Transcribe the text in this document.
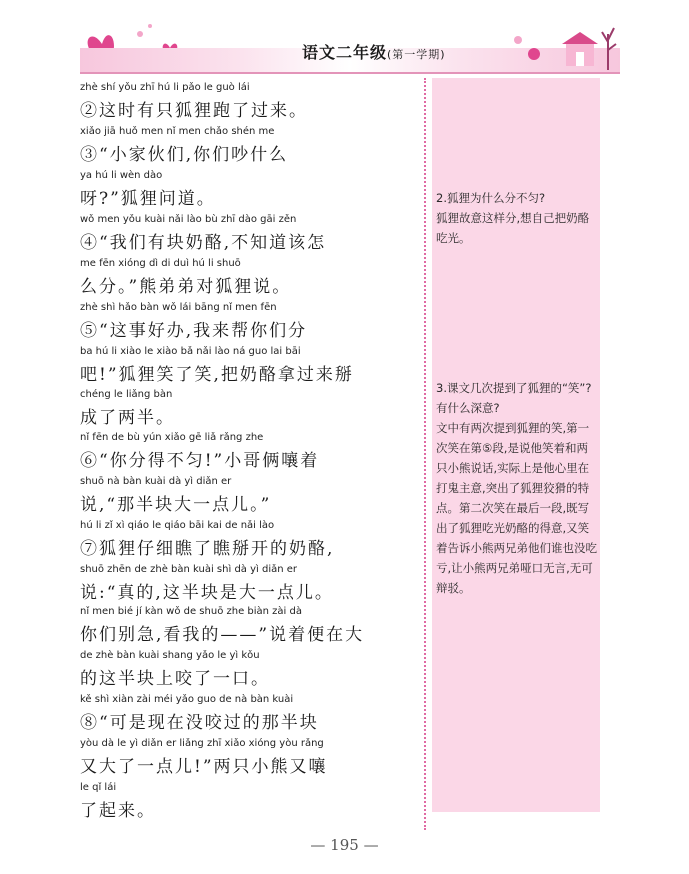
语文二年级(第一学期)
zhè shí yǒu zhī hú li pǎo le guò lái
②这时有只狐狸跑了过来。
xiǎo jiā huǒ men nǐ men chǎo shén me
③“小家伙们,你们吵什么
ya hú li wèn dào
呀?”狐狸问道。
wǒ men yǒu kuài nǎi lào bù zhī dào gāi zěn
④“我们有块奶酪,不知道该怎
me fēn xióng dì di duì hú li shuō
么分。”熊弟弟对狐狸说。
zhè shì hǎo bàn wǒ lái bāng nǐ men fēn
⑤“这事好办,我来帮你们分
ba hú li xiào le xiào bǎ nǎi lào ná guo lai bāi
吧!”狐狸笑了笑,把奶酪拿过来掰
chéng le liǎng bàn
成了两半。
nǐ fēn de bù yún xiǎo gē liǎ rǎng zhe
⑥“你分得不匀!”小哥俩嚷着
shuō nà bàn kuài dà yì diǎn er
说,“那半块大一点儿。”
hú li zǐ xì qiáo le qiáo bāi kai de nǎi lào
⑦狐狸仔细瞧了瞧掰开的奶酪,
shuō zhēn de zhè bàn kuài shì dà yì diǎn er
说:“真的,这半块是大一点儿。
nǐ men bié jí kàn wǒ de shuō zhe biàn zài dà
你们别急,看我的——”说着便在大
de zhè bàn kuài shang yǎo le yì kǒu
的这半块上咬了一口。
kě shì xiàn zài méi yǎo guo de nà bàn kuài
⑧“可是现在没咬过的那半块
yòu dà le yì diǎn er liǎng zhī xiǎo xióng yòu rǎng
又大了一点儿!”两只小熊又嚷
le qǐ lái
了起来。
2.狐狸为什么分不匀?
狐狸故意这样分,想自己把奶酪吃光。
3.课文几次提到了狐狸的“笑”?有什么深意?
文中有两次提到狐狸的笑,第一次笑在第⑤段,是说他笑着和两只小熊说话,实际上是他心里在打鬼主意,突出了狐狸狡猾的特点。第二次笑在最后一段,既写出了狐狸吃光奶酪的得意,又笑着告诉小熊两兄弟他们谁也没吃亏,让小熊两兄弟哑口无言,无可辩驳。
— 195 —
